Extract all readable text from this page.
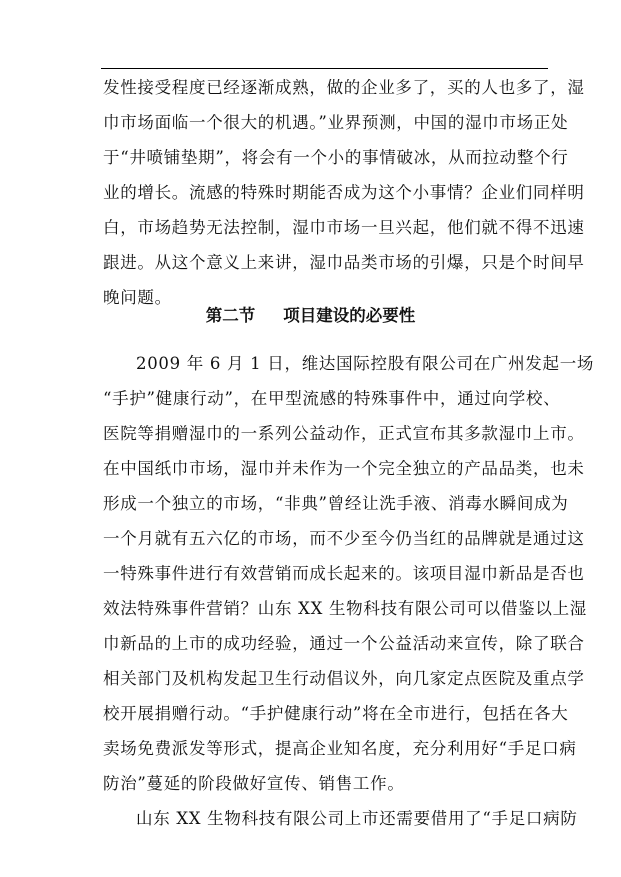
发性接受程度已经逐渐成熟，做的企业多了，买的人也多了，湿
巾市场面临一个很大的机遇。”业界预测，中国的湿巾市场正处
于“井喷铺垫期”，将会有一个小的事情破冰，从而拉动整个行
业的增长。流感的特殊时期能否成为这个小事情？企业们同样明
白，市场趋势无法控制，湿巾市场一旦兴起，他们就不得不迅速
跟进。从这个意义上来讲，湿巾品类市场的引爆，只是个时间早
晚问题。
第二节 项目建设的必要性
2009 年 6 月 1 日，维达国际控股有限公司在广州发起一场
“手护”健康行动”，在甲型流感的特殊事件中，通过向学校、
医院等捐赠湿巾的一系列公益动作，正式宣布其多款湿巾上市。
在中国纸巾市场，湿巾并未作为一个完全独立的产品品类，也未
形成一个独立的市场，“非典”曾经让洗手液、消毒水瞬间成为
一个月就有五六亿的市场，而不少至今仍当红的品牌就是通过这
一特殊事件进行有效营销而成长起来的。该项目湿巾新品是否也
效法特殊事件营销？山东 XX 生物科技有限公司可以借鉴以上湿
巾新品的上市的成功经验，通过一个公益活动来宣传，除了联合
相关部门及机构发起卫生行动倡议外，向几家定点医院及重点学
校开展捐赠行动。“手护健康行动”将在全市进行，包括在各大
卖场免费派发等形式，提高企业知名度，充分利用好“手足口病
防治”蔓延的阶段做好宣传、销售工作。
山东 XX 生物科技有限公司上市还需要借用了“手足口病防
